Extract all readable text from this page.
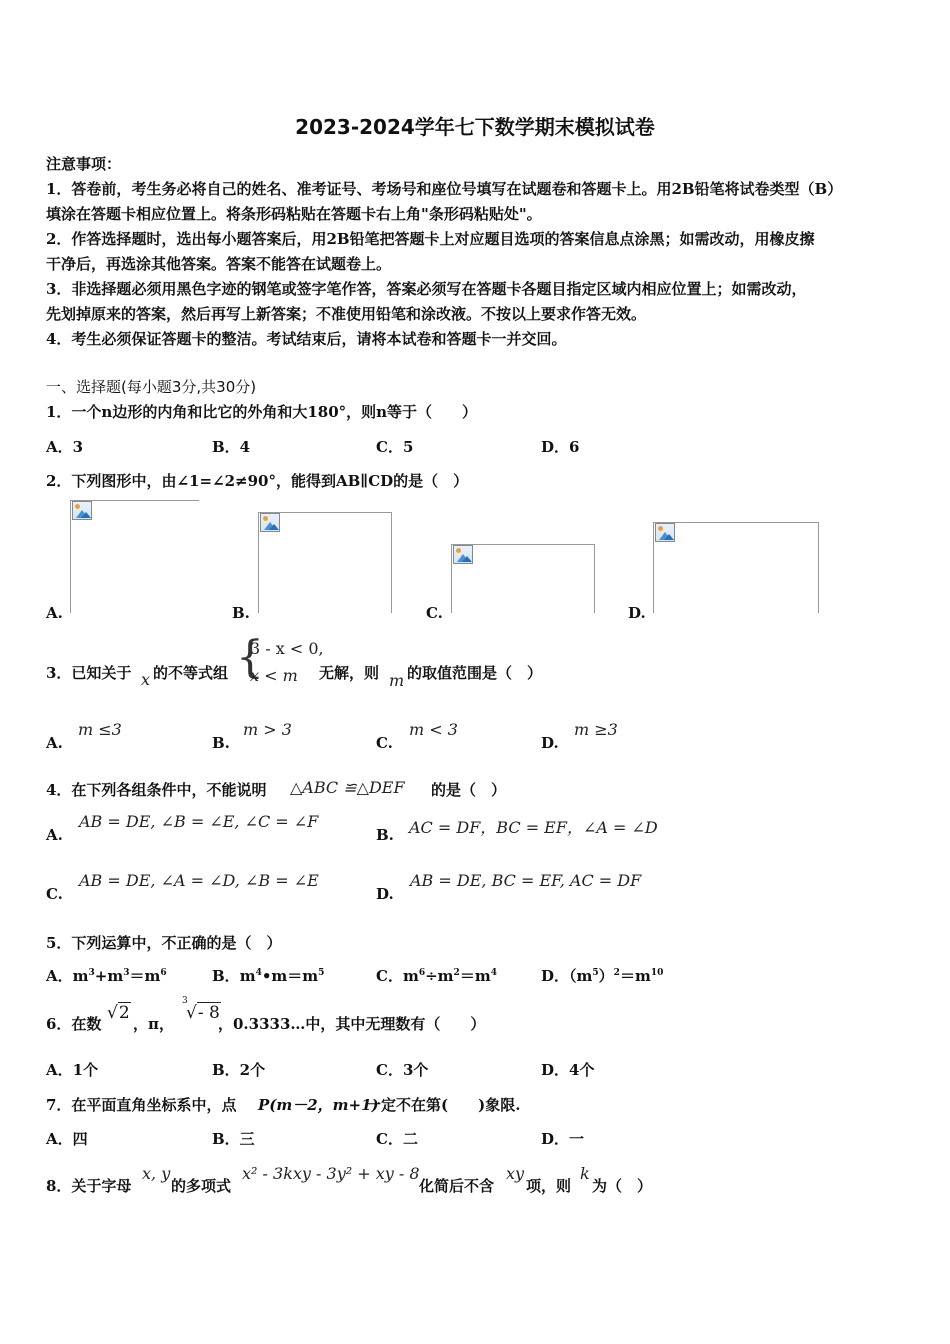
2023-2024学年七下数学期末模拟试卷
注意事项：
1．答卷前，考生务必将自己的姓名、准考证号、考场号和座位号填写在试题卷和答题卡上。用2B铅笔将试卷类型（B）
填涂在答题卡相应位置上。将条形码粘贴在答题卡右上角"条形码粘贴处"。
2．作答选择题时，选出每小题答案后，用2B铅笔把答题卡上对应题目选项的答案信息点涂黑；如需改动，用橡皮擦
干净后，再选涂其他答案。答案不能答在试题卷上。
3．非选择题必须用黑色字迹的钢笔或签字笔作答，答案必须写在答题卡各题目指定区域内相应位置上；如需改动，
先划掉原来的答案，然后再写上新答案；不准使用铅笔和涂改液。不按以上要求作答无效。
4．考生必须保证答题卡的整洁。考试结束后，请将本试卷和答题卡一并交回。
一、选择题(每小题3分,共30分)
1．一个n边形的内角和比它的外角和大180°，则n等于（　　）
A．3	B．4	C．5	D．6
2．下列图形中，由∠1=∠2≠90°，能得到AB∥CD的是（　）
A.	B.	C.	D.
3．已知关于 x 的不等式组 {
3 - x < 0,
x < m 无解，则 m 的取值范围是（　）
A.
m ≤3
B.
m > 3
C.
m < 3
D.
m ≥3
4．在下列各组条件中，不能说明 △ABC ≌△DEF 的是（　）
A.
AB = DE, ∠B = ∠E, ∠C = ∠F
B. AC = DF，BC = EF，∠A = ∠D
C.
AB = DE, ∠A = ∠D, ∠B = ∠E
D.
AB = DE, BC = EF, AC = DF
5．下列运算中，不正确的是（　）
A．$m^3+m^3=m^6$	B．$m^4•m=m^5$	C．$m^6\div m^2=m^4$	D．$(m^5)^2=m^{10}$
6．在数
√2
，π，
3
√- 8
，0.3333…中，其中无理数有（　　）
A．1个	B．2个	C．3个	D．4个
7．在平面直角坐标系中，点 P(m－2，m+1)
一定不在第(　　)象限.
A．四	B．三	C．二	D．一
8．关于字母
x, y
的多项式
x² - 3kxy - 3y² + xy - 8
化简后不含
xy
项，则
k
为（　）
